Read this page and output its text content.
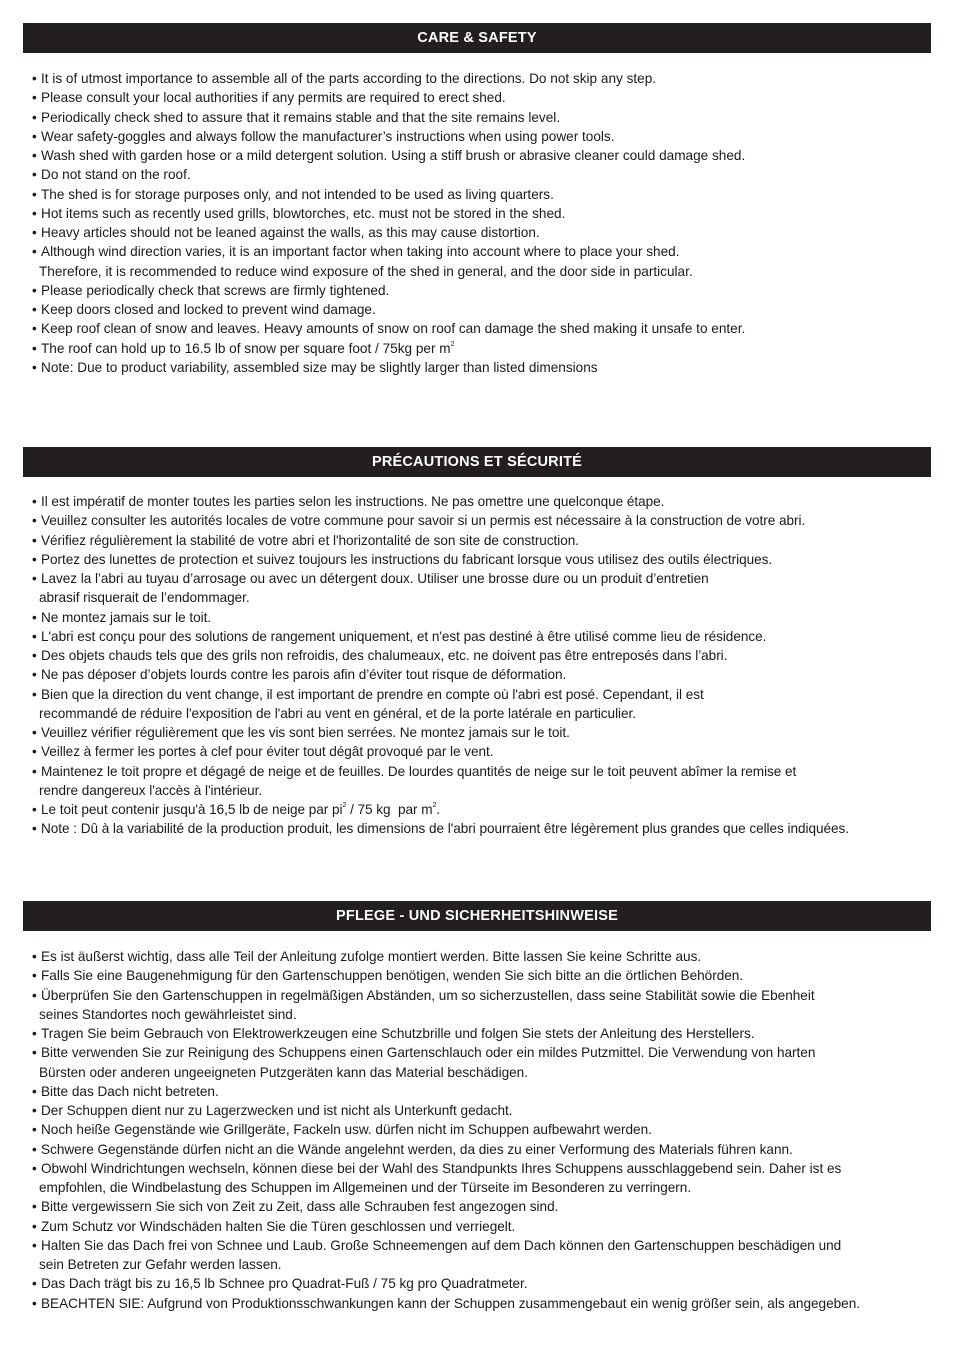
CARE & SAFETY
• It is of utmost importance to assemble all of the parts according to the directions. Do not skip any step.
• Please consult your local authorities if any permits are required to erect shed.
• Periodically check shed to assure that it remains stable and that the site remains level.
• Wear safety-goggles and always follow the manufacturer’s instructions when using power tools.
• Wash shed with garden hose or a mild detergent solution. Using a stiff brush or abrasive cleaner could damage shed.
• Do not stand on the roof.
• The shed is for storage purposes only, and not intended to be used as living quarters.
• Hot items such as recently used grills, blowtorches, etc. must not be stored in the shed.
• Heavy articles should not be leaned against the walls, as this may cause distortion.
• Although wind direction varies, it is an important factor when taking into account where to place your shed.
Therefore, it is recommended to reduce wind exposure of the shed in general, and the door side in particular.
• Please periodically check that screws are firmly tightened.
• Keep doors closed and locked to prevent wind damage.
• Keep roof clean of snow and leaves. Heavy amounts of snow on roof can damage the shed making it unsafe to enter.
• The roof can hold up to 16.5 lb of snow per square foot / 75kg per $m^2$
• Note: Due to product variability, assembled size may be slightly larger than listed dimensions
PRÉCAUTIONS ET SÉCURITÉ
• Il est impératif de monter toutes les parties selon les instructions. Ne pas omettre une quelconque étape.
• Veuillez consulter les autorités locales de votre commune pour savoir si un permis est nécessaire à la construction de votre abri.
• Vérifiez régulièrement la stabilité de votre abri et l'horizontalité de son site de construction.
• Portez des lunettes de protection et suivez toujours les instructions du fabricant lorsque vous utilisez des outils électriques.
• Lavez la l’abri au tuyau d’arrosage ou avec un détergent doux. Utiliser une brosse dure ou un produit d’entretien
abrasif risquerait de l’endommager.
• Ne montez jamais sur le toit.
• L'abri est conçu pour des solutions de rangement uniquement, et n'est pas destiné à être utilisé comme lieu de résidence.
• Des objets chauds tels que des grils non refroidis, des chalumeaux, etc. ne doivent pas être entreposés dans l’abri.
• Ne pas déposer d’objets lourds contre les parois afin d’éviter tout risque de déformation.
• Bien que la direction du vent change, il est important de prendre en compte où l'abri est posé. Cependant, il est
recommandé de réduire l'exposition de l'abri au vent en général, et de la porte latérale en particulier.
• Veuillez vérifier régulièrement que les vis sont bien serrées. Ne montez jamais sur le toit.
• Veillez à fermer les portes à clef pour éviter tout dégât provoqué par le vent.
• Maintenez le toit propre et dégagé de neige et de feuilles. De lourdes quantités de neige sur le toit peuvent abîmer la remise et
rendre dangereux l'accès à l'intérieur.
• Le toit peut contenir jusqu'à 16,5 lb de neige par $pi^2 / 75$ kg  par $m^2$.
• Note : Dû à la variabilité de la production produit, les dimensions de l'abri pourraient être légèrement plus grandes que celles indiquées.
PFLEGE - UND SICHERHEITSHINWEISE
• Es ist äußerst wichtig, dass alle Teil der Anleitung zufolge montiert werden. Bitte lassen Sie keine Schritte aus.
• Falls Sie eine Baugenehmigung für den Gartenschuppen benötigen, wenden Sie sich bitte an die örtlichen Behörden.
• Überprüfen Sie den Gartenschuppen in regelmäßigen Abständen, um so sicherzustellen, dass seine Stabilität sowie die Ebenheit
seines Standortes noch gewährleistet sind.
• Tragen Sie beim Gebrauch von Elektrowerkzeugen eine Schutzbrille und folgen Sie stets der Anleitung des Herstellers.
• Bitte verwenden Sie zur Reinigung des Schuppens einen Gartenschlauch oder ein mildes Putzmittel. Die Verwendung von harten
Bürsten oder anderen ungeeigneten Putzgeräten kann das Material beschädigen.
• Bitte das Dach nicht betreten.
• Der Schuppen dient nur zu Lagerzwecken und ist nicht als Unterkunft gedacht.
• Noch heiße Gegenstände wie Grillgeräte, Fackeln usw. dürfen nicht im Schuppen aufbewahrt werden.
• Schwere Gegenstände dürfen nicht an die Wände angelehnt werden, da dies zu einer Verformung des Materials führen kann.
• Obwohl Windrichtungen wechseln, können diese bei der Wahl des Standpunkts Ihres Schuppens ausschlaggebend sein. Daher ist es
empfohlen, die Windbelastung des Schuppen im Allgemeinen und der Türseite im Besonderen zu verringern.
• Bitte vergewissern Sie sich von Zeit zu Zeit, dass alle Schrauben fest angezogen sind.
• Zum Schutz vor Windschäden halten Sie die Türen geschlossen und verriegelt.
• Halten Sie das Dach frei von Schnee und Laub. Große Schneemengen auf dem Dach können den Gartenschuppen beschädigen und
sein Betreten zur Gefahr werden lassen.
• Das Dach trägt bis zu 16,5 lb Schnee pro Quadrat-Fuß / 75 kg pro Quadratmeter.
• BEACHTEN SIE: Aufgrund von Produktionsschwankungen kann der Schuppen zusammengebaut ein wenig größer sein, als angegeben.
